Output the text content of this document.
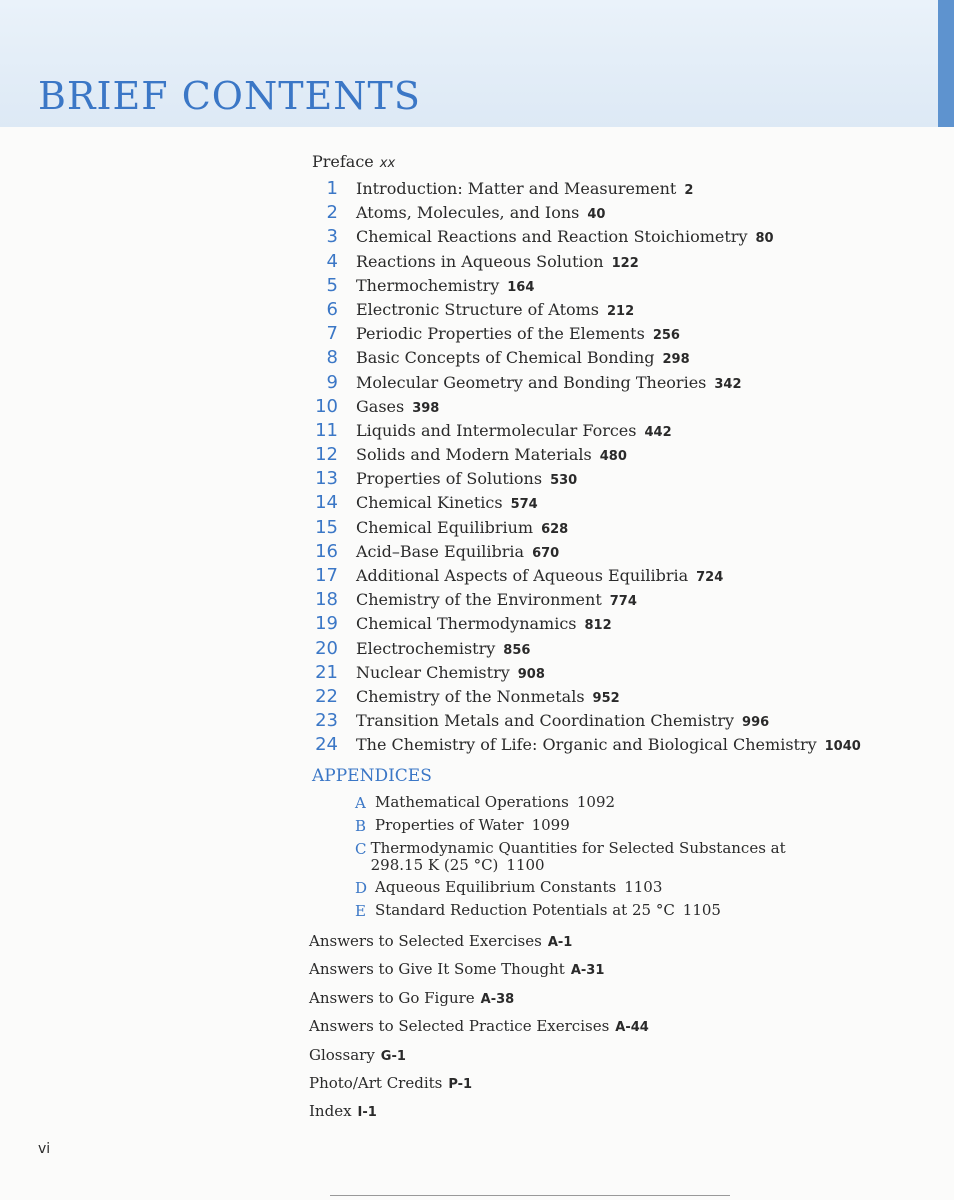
BRIEF CONTENTS
Preface xx
1	Introduction: Matter and Measurement 2
2	Atoms, Molecules, and Ions 40
3	Chemical Reactions and Reaction Stoichiometry 80
4	Reactions in Aqueous Solution 122
5	Thermochemistry 164
6	Electronic Structure of Atoms 212
7	Periodic Properties of the Elements 256
8	Basic Concepts of Chemical Bonding 298
9	Molecular Geometry and Bonding Theories 342
10	Gases 398
11	Liquids and Intermolecular Forces 442
12	Solids and Modern Materials 480
13	Properties of Solutions 530
14	Chemical Kinetics 574
15	Chemical Equilibrium 628
16	Acid–Base Equilibria 670
17	Additional Aspects of Aqueous Equilibria 724
18	Chemistry of the Environment 774
19	Chemical Thermodynamics 812
20	Electrochemistry 856
21	Nuclear Chemistry 908
22	Chemistry of the Nonmetals 952
23	Transition Metals and Coordination Chemistry 996
24	The Chemistry of Life: Organic and Biological Chemistry 1040
APPENDICES
A Mathematical Operations 1092
B Properties of Water 1099
C Thermodynamic Quantities for Selected Substances at 298.15 K (25 °C) 1100
D Aqueous Equilibrium Constants 1103
E Standard Reduction Potentials at 25 °C 1105
Answers to Selected Exercises A-1
Answers to Give It Some Thought A-31
Answers to Go Figure A-38
Answers to Selected Practice Exercises A-44
Glossary G-1
Photo/Art Credits P-1
Index I-1
vi
